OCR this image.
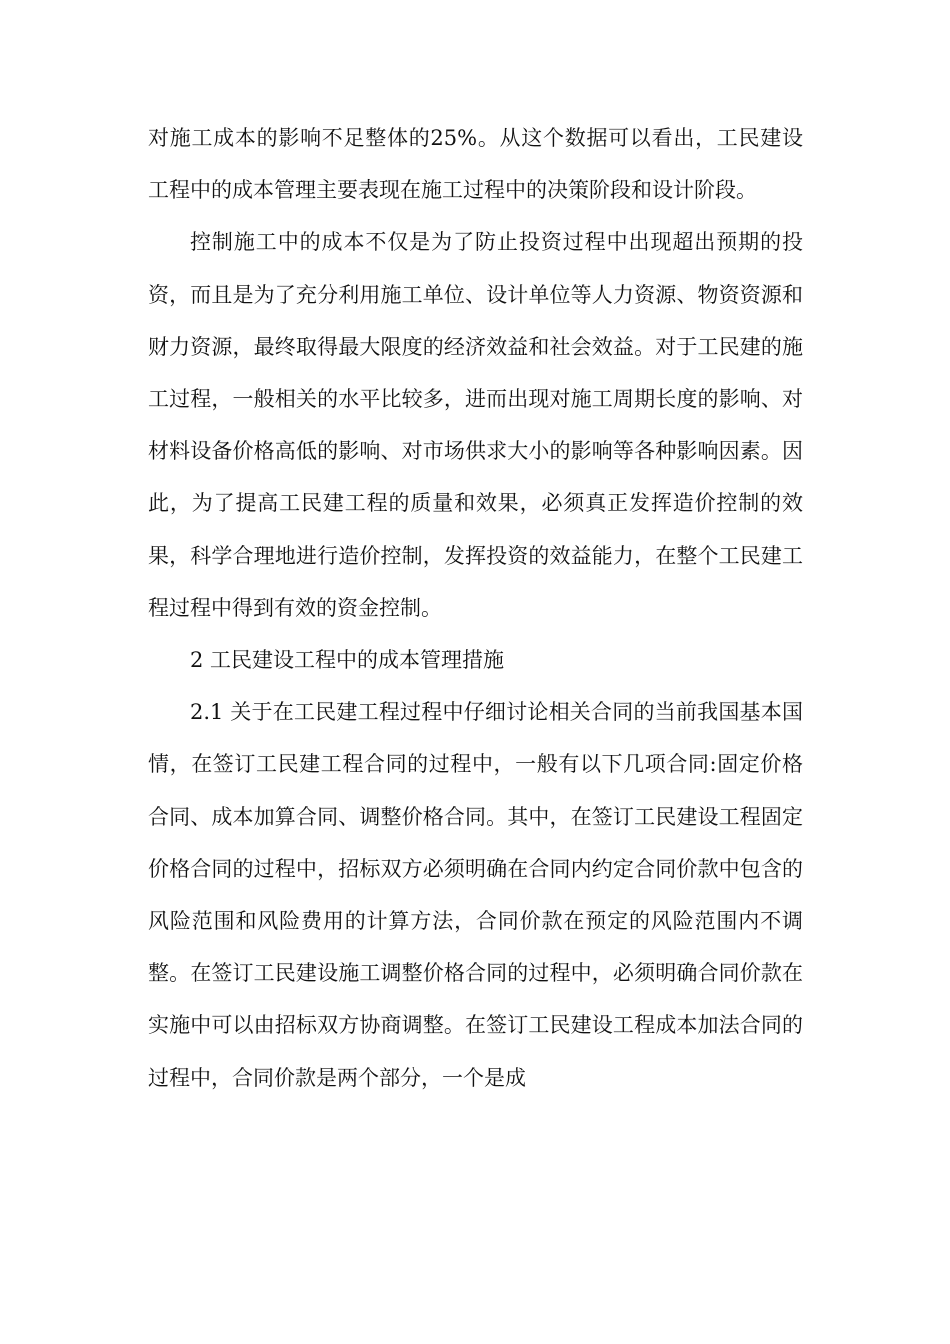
对施工成本的影响不足整体的25%。从这个数据可以看出，工民建设工程中的成本管理主要表现在施工过程中的决策阶段和设计阶段。

控制施工中的成本不仅是为了防止投资过程中出现超出预期的投资，而且是为了充分利用施工单位、设计单位等人力资源、物资资源和财力资源，最终取得最大限度的经济效益和社会效益。对于工民建的施工过程，一般相关的水平比较多，进而出现对施工周期长度的影响、对材料设备价格高低的影响、对市场供求大小的影响等各种影响因素。因此，为了提高工民建工程的质量和效果，必须真正发挥造价控制的效果，科学合理地进行造价控制，发挥投资的效益能力，在整个工民建工程过程中得到有效的资金控制。

2 工民建设工程中的成本管理措施

2.1 关于在工民建工程过程中仔细讨论相关合同的当前我国基本国情，在签订工民建工程合同的过程中，一般有以下几项合同:固定价格合同、成本加算合同、调整价格合同。其中，在签订工民建设工程固定价格合同的过程中，招标双方必须明确在合同内约定合同价款中包含的风险范围和风险费用的计算方法，合同价款在预定的风险范围内不调整。在签订工民建设施工调整价格合同的过程中，必须明确合同价款在实施中可以由招标双方协商调整。在签订工民建设工程成本加法合同的过程中，合同价款是两个部分，一个是成
